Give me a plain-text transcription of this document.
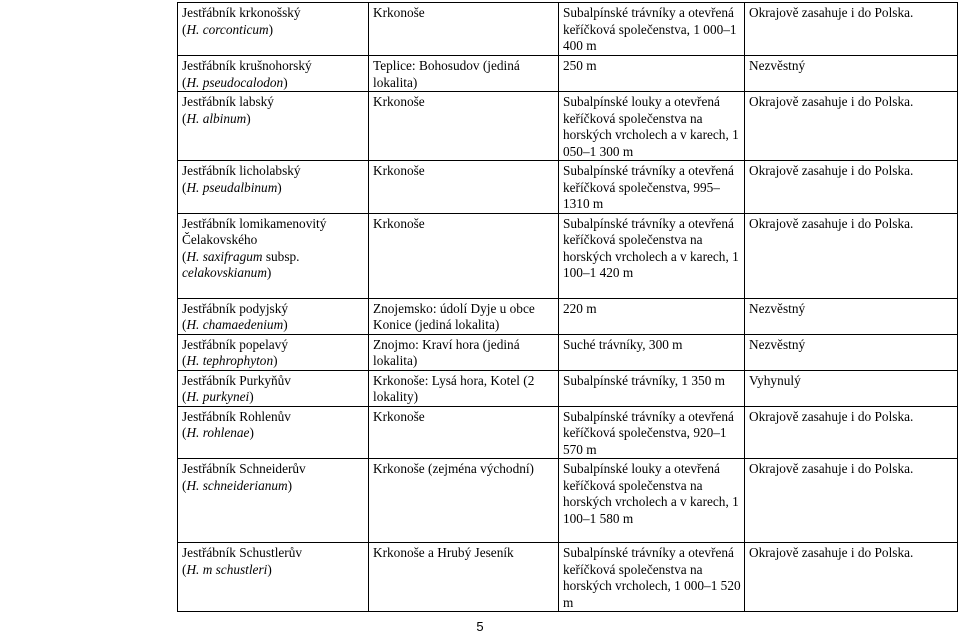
Jestřábník krkonošský
(H. corconticum)	Krkonoše	Subalpínské trávníky a otevřená keříčková společenstva, 1 000–1 400 m	Okrajově zasahuje i do Polska.

Jestřábník krušnohorský
(H. pseudocalodon)	Teplice: Bohosudov (jediná lokalita)	250 m	Nezvěstný

Jestřábník labský
(H. albinum)	Krkonoše	Subalpínské louky a otevřená keříčková společenstva na horských vrcholech a v karech, 1 050–1 300 m	Okrajově zasahuje i do Polska.

Jestřábník licholabský
(H. pseudalbinum)	Krkonoše	Subalpínské trávníky a otevřená keříčková společenstva, 995–1310 m	Okrajově zasahuje i do Polska.

Jestřábník lomikamenovitý Čelakovského
(H. saxifragum subsp. celakovskianum)	Krkonoše	Subalpínské trávníky a otevřená keříčková společenstva na horských vrcholech a v karech, 1 100–1 420 m	Okrajově zasahuje i do Polska.

Jestřábník podyjský
(H. chamaedenium)	Znojemsko: údolí Dyje u obce Konice (jediná lokalita)	220 m	Nezvěstný

Jestřábník popelavý
(H. tephrophyton)	Znojmo: Kraví hora (jediná lokalita)	Suché trávníky, 300 m	Nezvěstný

Jestřábník Purkyňův
(H. purkynei)	Krkonoše: Lysá hora, Kotel (2 lokality)	Subalpínské trávníky, 1 350 m	Vyhynulý

Jestřábník Rohlenův
(H. rohlenae)	Krkonoše	Subalpínské trávníky a otevřená keříčková společenstva, 920–1 570 m	Okrajově zasahuje i do Polska.

Jestřábník Schneiderův
(H. schneiderianum)	Krkonoše (zejména východní)	Subalpínské louky a otevřená keříčková společenstva na horských vrcholech a v karech, 1 100–1 580 m	Okrajově zasahuje i do Polska.

Jestřábník Schustlerův
(H. m schustleri)	Krkonoše a Hrubý Jeseník	Subalpínské trávníky a otevřená keříčková společenstva na horských vrcholech, 1 000–1 520 m	Okrajově zasahuje i do Polska.
5
